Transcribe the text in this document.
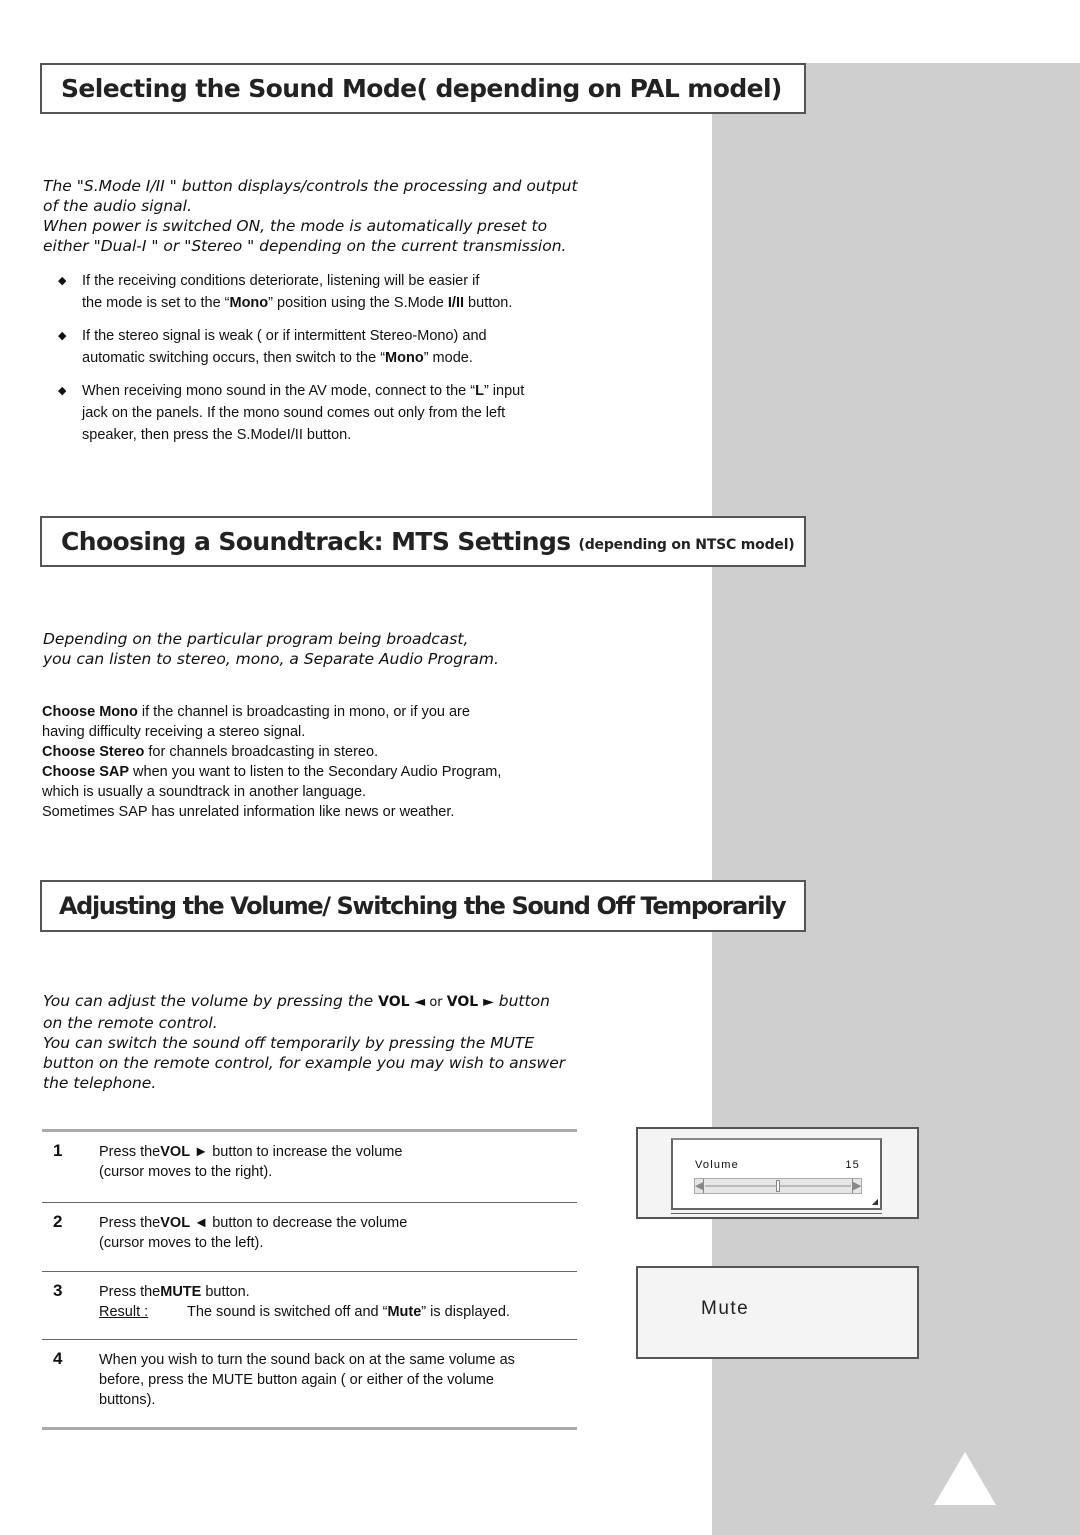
Selecting the Sound Mode( depending on PAL model)

The "S.Mode I/II " button displays/controls the processing and output

of the audio signal.

When power is switched ON, the mode is automatically preset to

either "Dual-I " or "Stereo " depending on the current transmission.

◆ If the receiving conditions deteriorate, listening will be easier if

the mode is set to the “Mono” position using the S.Mode I/II button.

◆ If the stereo signal is weak ( or if intermittent Stereo-Mono) and

automatic switching occurs, then switch to the “Mono” mode.

◆ When receiving mono sound in the AV mode, connect to the “L” input

jack on the panels. If the mono sound comes out only from the left

speaker, then press the S.ModeI/II button.

Choosing a Soundtrack: MTS Settings (depending on NTSC model)

Depending on the particular program being broadcast,

you can listen to stereo, mono, a Separate Audio Program.

Choose Mono if the channel is broadcasting in mono, or if you are

having difficulty receiving a stereo signal.

Choose Stereo for channels broadcasting in stereo.

Choose SAP when you want to listen to the Secondary Audio Program,

which is usually a soundtrack in another language.

Sometimes SAP has unrelated information like news or weather.

Adjusting the Volume/ Switching the Sound Off Temporarily

You can adjust the volume by pressing the VOL ◄ or VOL ► button

on the remote control.

You can switch the sound off temporarily by pressing the MUTE

button on the remote control, for example you may wish to answer

the telephone.

1	Press theVOL ► button to increase the volume

(cursor moves to the right).

2	Press theVOL ◄ button to decrease the volume

(cursor moves to the left).

3	Press theMUTE button.

Result :	The sound is switched off and “Mute” is displayed.

4	When you wish to turn the sound back on at the same volume as

before, press the MUTE button again ( or either of the volume

buttons).

Volume	15
◀	▶
◢
Mute
